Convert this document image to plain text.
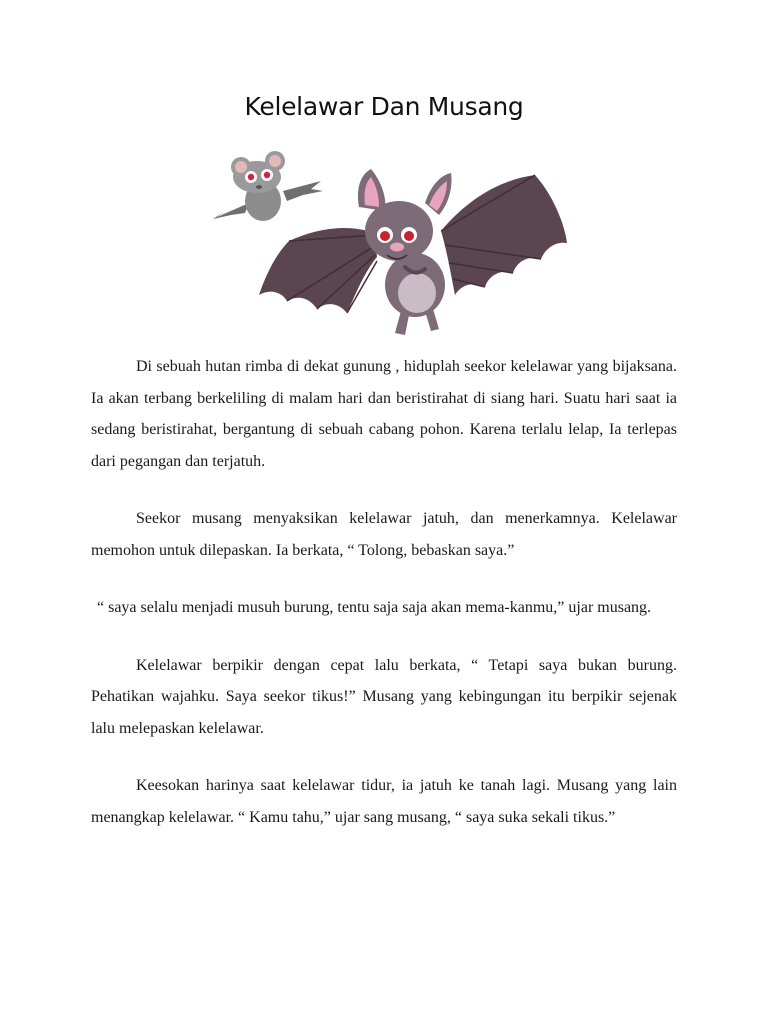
Kelelawar Dan Musang

Di sebuah hutan rimba di dekat gunung , hiduplah seekor kelelawar yang bijaksana. Ia akan terbang berkeliling di malam hari dan beristirahat di siang hari. Suatu hari saat ia sedang beristirahat, bergantung di sebuah cabang pohon. Karena terlalu lelap, Ia terlepas dari pegangan dan terjatuh.

Seekor musang menyaksikan kelelawar jatuh, dan menerkamnya. Kelelawar memohon untuk dilepaskan. Ia berkata, “ Tolong, bebaskan saya.”

“ saya selalu menjadi musuh burung, tentu saja saja akan mema-kanmu,” ujar musang.

Kelelawar berpikir dengan cepat lalu berkata, “ Tetapi saya bukan burung. Pehatikan wajahku. Saya seekor tikus!” Musang yang kebingungan itu berpikir sejenak lalu melepaskan kelelawar.

Keesokan harinya saat kelelawar tidur, ia jatuh ke tanah lagi. Musang yang lain menangkap kelelawar. “ Kamu tahu,” ujar sang musang, “ saya suka sekali tikus.”
